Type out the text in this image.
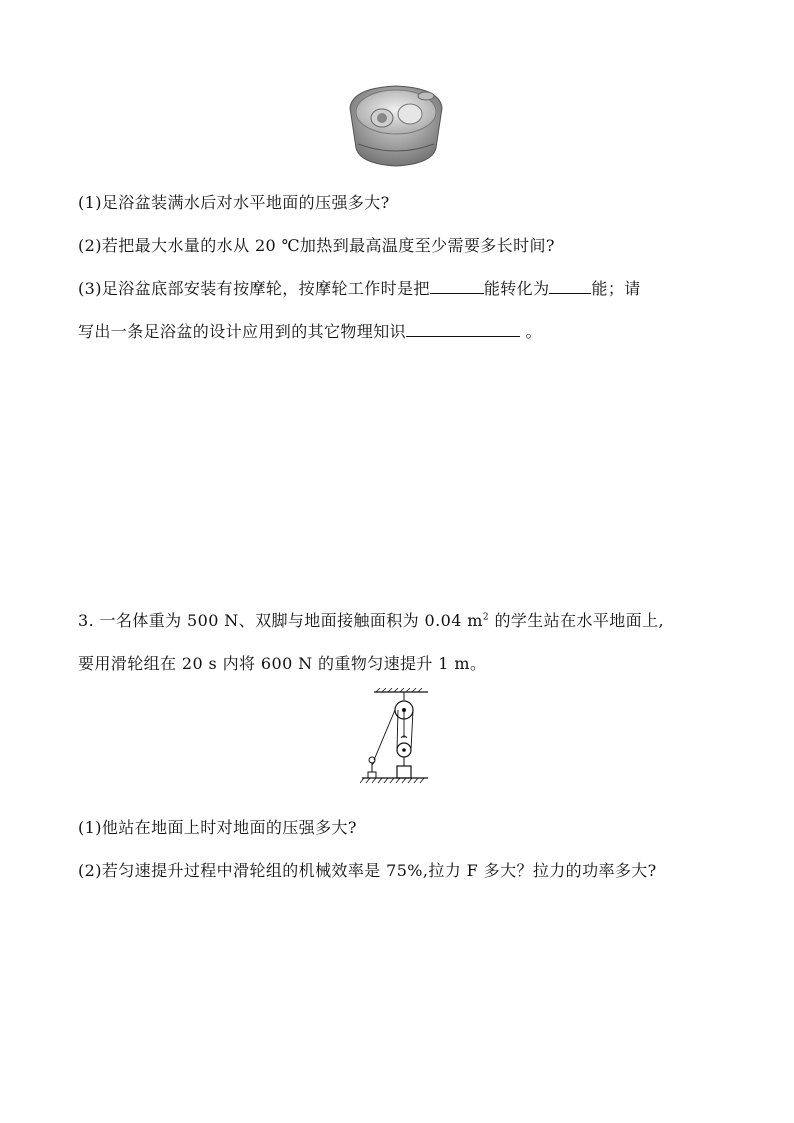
(1)足浴盆装满水后对水平地面的压强多大?
(2)若把最大水量的水从 20 ℃加热到最高温度至少需要多长时间?
(3)足浴盆底部安装有按摩轮，按摩轮工作时是把	能转化为	能；请
写出一条足浴盆的设计应用到的其它物理知识	。
3. 一名体重为 500 N、双脚与地面接触面积为 0.04 $m^2$ 的学生站在水平地面上,
要用滑轮组在 20 s 内将 600 N 的重物匀速提升 1 m。
(1)他站在地面上时对地面的压强多大?
(2)若匀速提升过程中滑轮组的机械效率是 75%,拉力 F 多大？拉力的功率多大?
